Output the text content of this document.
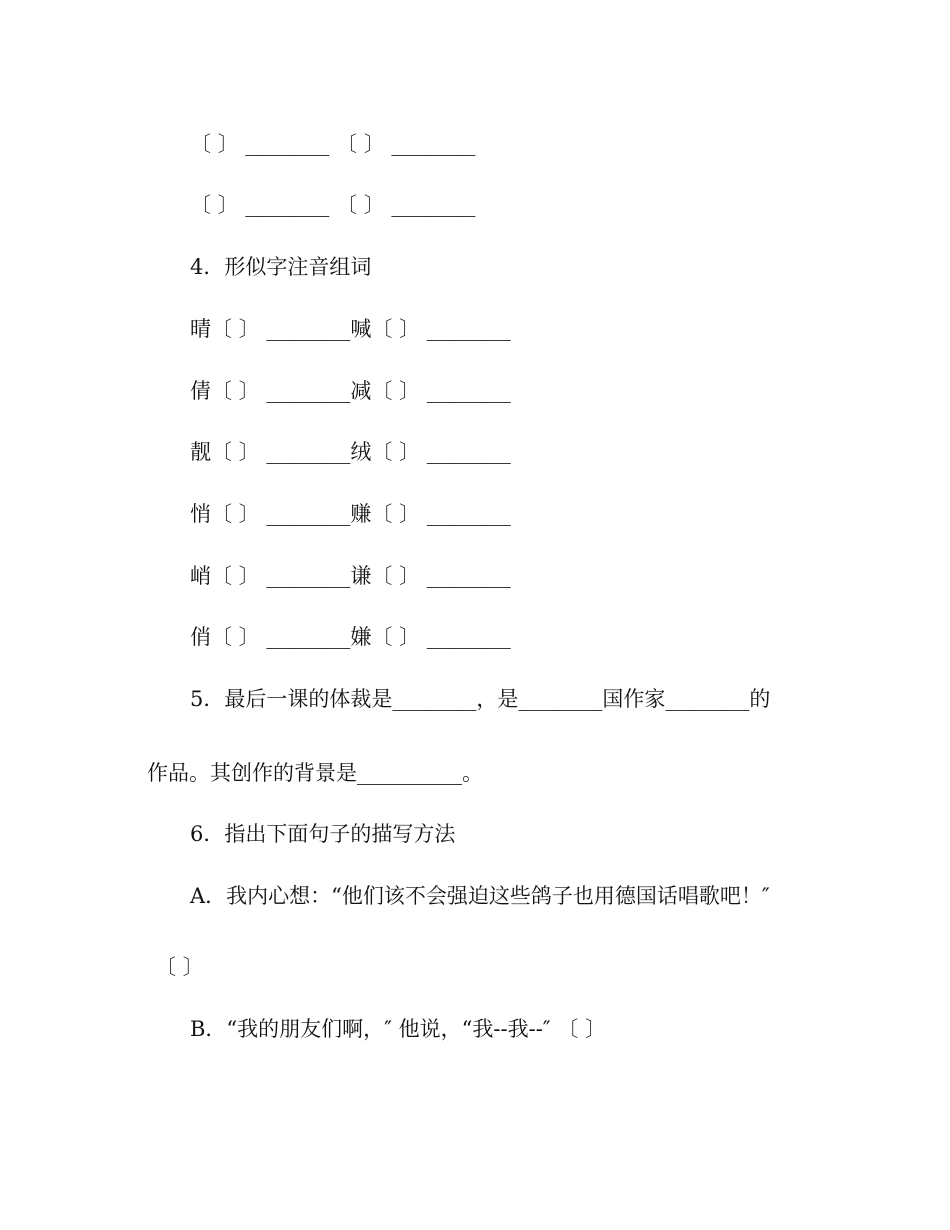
〔 〕 ________ 〔 〕 ________
〔 〕 ________ 〔 〕 ________
4．形似字注音组词
晴〔 〕 ________喊〔 〕 ________
倩〔 〕 ________减〔 〕 ________
靓〔 〕 ________绒〔 〕 ________
悄〔 〕 ________赚〔 〕 ________
峭〔 〕 ________谦〔 〕 ________
俏〔 〕 ________嫌〔 〕 ________
5．最后一课的体裁是________，是________国作家________的
作品。其创作的背景是__________。
6．指出下面句子的描写方法
A．我内心想：“他们该不会强迫这些鸽子也用德国话唱歌吧！″
〔 〕
B．“我的朋友们啊，″ 他说，“我--我--″ 〔 〕
